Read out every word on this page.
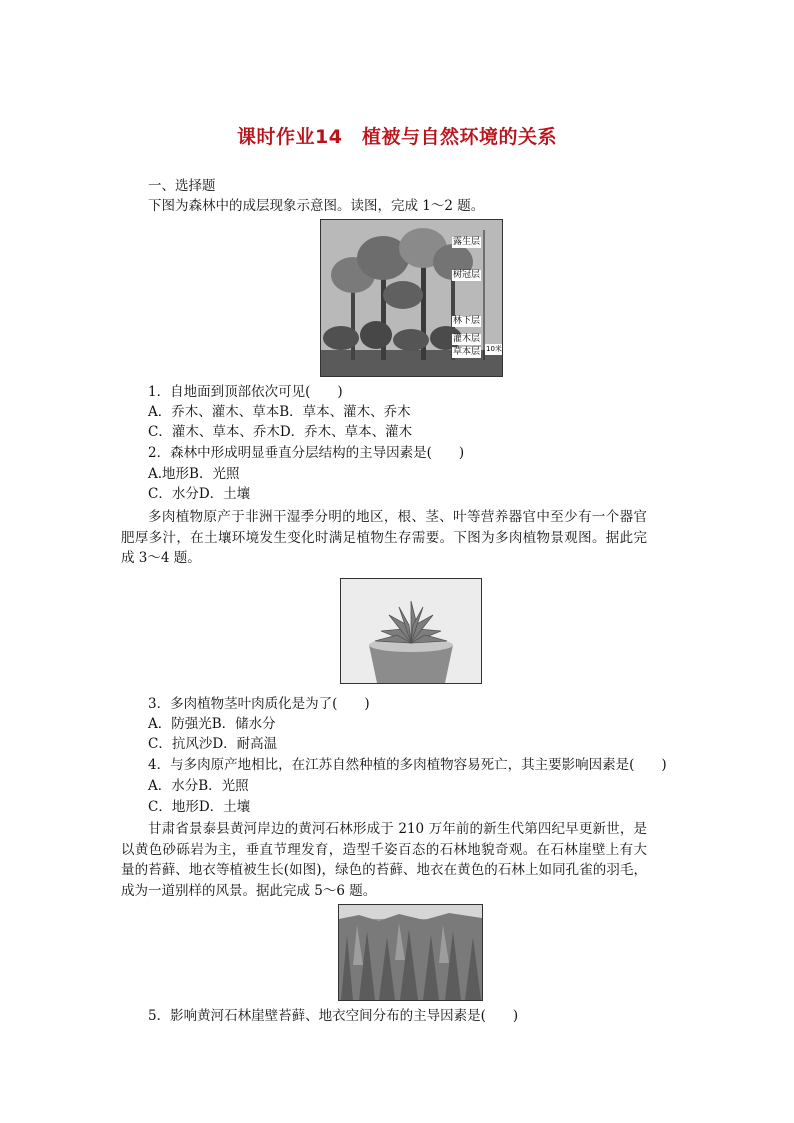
课时作业14　植被与自然环境的关系
一、选择题
下图为森林中的成层现象示意图。读图，完成 1～2 题。
露生层
树冠层
林下层
灌木层
草本层 10米
1．自地面到顶部依次可见(　　)
A．乔木、灌木、草本B．草本、灌木、乔木
C．灌木、草本、乔木D．乔木、草本、灌木
2．森林中形成明显垂直分层结构的主导因素是(　　)
A.地形B．光照
C．水分D．土壤
多肉植物原产于非洲干湿季分明的地区，根、茎、叶等营养器官中至少有一个器官肥厚多汁，在土壤环境发生变化时满足植物生存需要。下图为多肉植物景观图。据此完成 3～4 题。
3．多肉植物茎叶肉质化是为了(　　)
A．防强光B．储水分
C．抗风沙D．耐高温
4．与多肉原产地相比，在江苏自然种植的多肉植物容易死亡，其主要影响因素是(　　)
A．水分B．光照
C．地形D．土壤
甘肃省景泰县黄河岸边的黄河石林形成于 210 万年前的新生代第四纪早更新世，是以黄色砂砾岩为主，垂直节理发育，造型千姿百态的石林地貌奇观。在石林崖壁上有大量的苔藓、地衣等植被生长(如图)，绿色的苔藓、地衣在黄色的石林上如同孔雀的羽毛，成为一道别样的风景。据此完成 5～6 题。
5．影响黄河石林崖壁苔藓、地衣空间分布的主导因素是(　　)
